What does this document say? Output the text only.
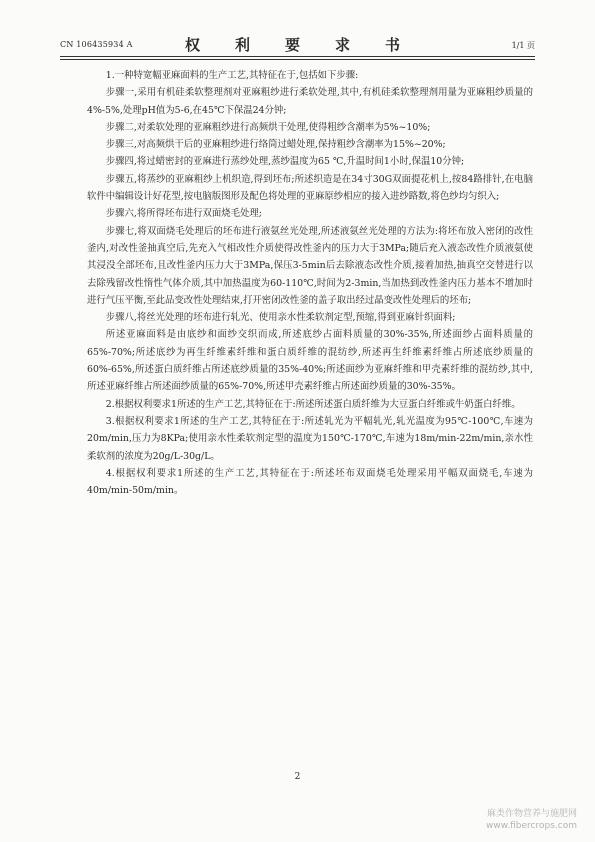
CN 106435934 A	权　利　要　求　书	1/1 页

1.一种特宽幅亚麻面料的生产工艺,其特征在于,包括如下步骤:

步骤一,采用有机硅柔软整理剂对亚麻粗纱进行柔软处理,其中,有机硅柔软整理剂用量为亚麻粗纱质量的4%-5%,处理pH值为5-6,在45℃下保温24分钟;

步骤二,对柔软处理的亚麻粗纱进行高频烘干处理,使得粗纱含潮率为5%~10%;

步骤三,对高频烘干后的亚麻粗纱进行络筒过蜡处理,保持粗纱含潮率为15%~20%;

步骤四,将过蜡密封的亚麻进行蒸纱处理,蒸纱温度为65 ℃,升温时间1小时,保温10分钟;

步骤五,将蒸纱的亚麻粗纱上机织造,得到坯布;所述织造是在34寸30G双面提花机上,按84路排针,在电脑软件中编辑设计好花型,按电脑版图形及配色将处理的亚麻原纱相应的接入进纱路数,将色纱均匀织入;

步骤六,将所得坯布进行双面烧毛处理;

步骤七,将双面烧毛处理后的坯布进行液氨丝光处理,所述液氨丝光处理的方法为:将坯布放入密闭的改性釜内,对改性釜抽真空后,先充入气相改性介质使得改性釜内的压力大于3MPa;随后充入液态改性介质液氨使其浸没全部坯布,且改性釜内压力大于3MPa,保压3-5min后去除液态改性介质,接着加热,抽真空交替进行以去除残留改性惰性气体介质,其中加热温度为60-110℃,时间为2-3min,当加热到改性釜内压力基本不增加时进行气压平衡,至此品变改性处理结束,打开密闭改性釜的盖子取出经过晶变改性处理后的坯布;

步骤八,将丝光处理的坯布进行轧光、使用亲水性柔软剂定型,预缩,得到亚麻针织面料;

所述亚麻面料是由底纱和面纱交织而成,所述底纱占面料质量的30%-35%,所述面纱占面料质量的65%-70%;所述底纱为再生纤维素纤维和蛋白质纤维的混纺纱,所述再生纤维素纤维占所述底纱质量的60%-65%,所述蛋白质纤维占所述底纱质量的35%-40%;所述面纱为亚麻纤维和甲壳素纤维的混纺纱,其中,所述亚麻纤维占所述面纱质量的65%-70%,所述甲壳素纤维占所述面纱质量的30%-35%。

2.根据权利要求1所述的生产工艺,其特征在于:所述所述蛋白质纤维为大豆蛋白纤维或牛奶蛋白纤维。

3.根据权利要求1所述的生产工艺,其特征在于:所述轧光为平幅轧光,轧光温度为95℃-100℃,车速为20m/min,压力为8KPa;使用亲水性柔软剂定型的温度为150℃-170℃,车速为18m/min-22m/min,亲水性柔软剂的浓度为20g/L-30g/L。

4.根据权利要求1所述的生产工艺,其特征在于:所述坯布双面烧毛处理采用平幅双面烧毛,车速为40m/min-50m/min。

2
麻类作物营养与施肥网
www.fibercrops.com
